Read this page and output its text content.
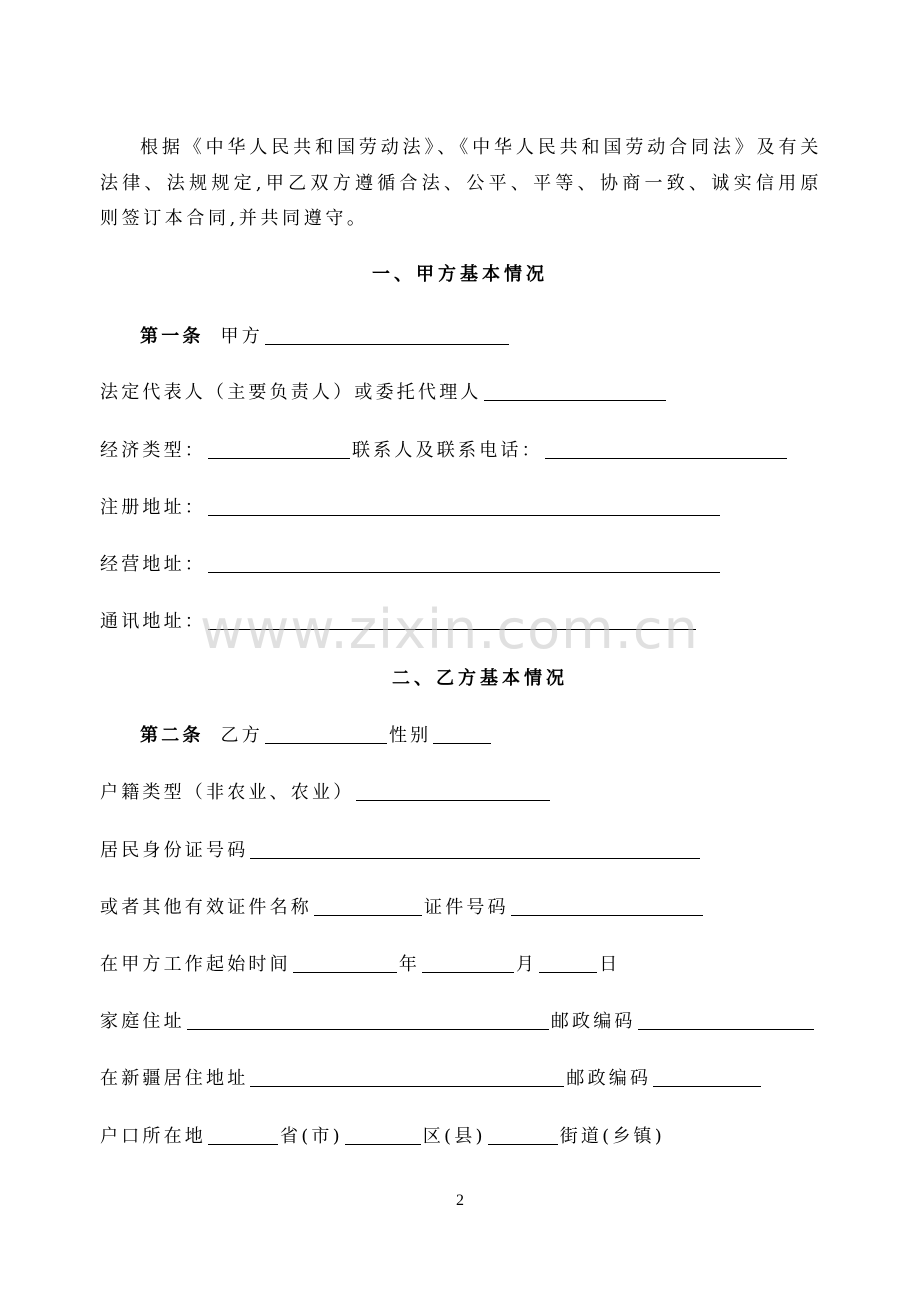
根据《中华人民共和国劳动法》、《中华人民共和国劳动合同法》及有关法律、法规规定,甲乙双方遵循合法、公平、平等、协商一致、诚实信用原则签订本合同,并共同遵守。
一、甲方基本情况
第一条 甲方
法定代表人（主要负责人）或委托代理人
经济类型：	联系人及联系电话：
注册地址：
经营地址：
通讯地址：
www.zixin.com.cn
二、乙方基本情况
第二条 乙方	性别
户籍类型（非农业、农业）
居民身份证号码
或者其他有效证件名称	证件号码
在甲方工作起始时间	年	月	日
家庭住址	邮政编码
在新疆居住地址	邮政编码
户口所在地	省(市)	区(县)	街道(乡镇)
2
